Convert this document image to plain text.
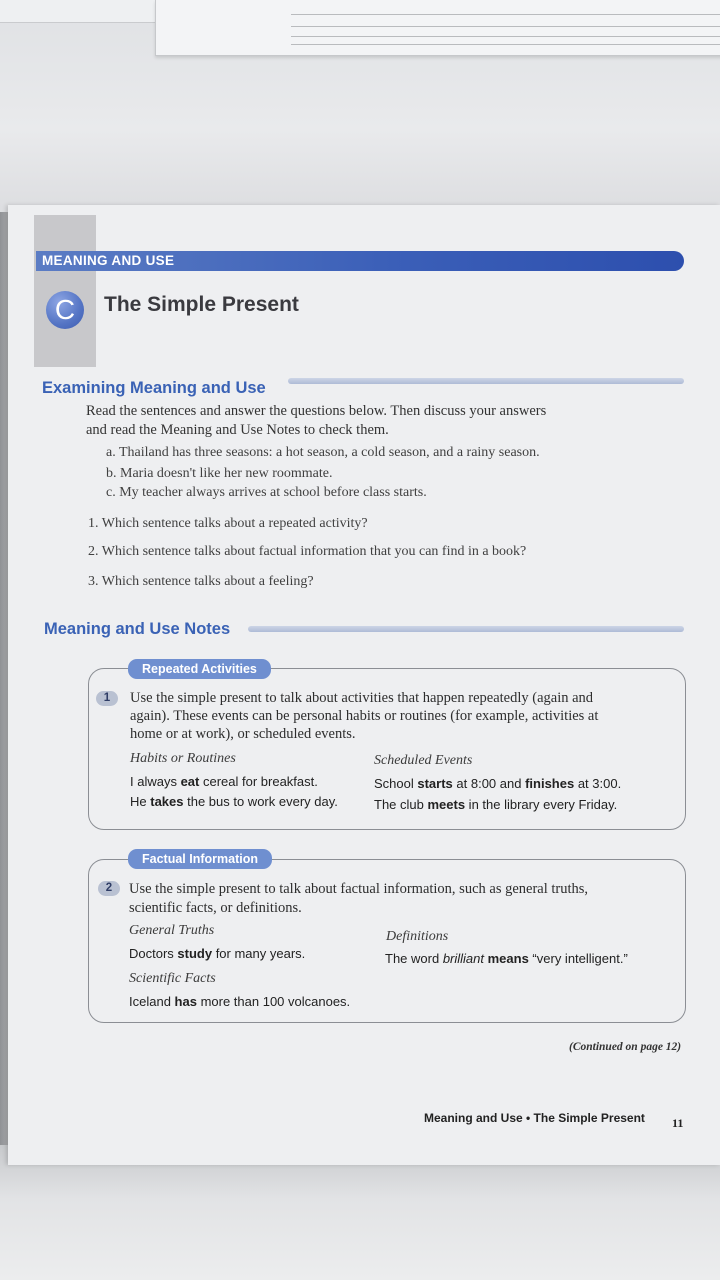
MEANING AND USE
C	The Simple Present
Examining Meaning and Use
Read the sentences and answer the questions below. Then discuss your answers
and read the Meaning and Use Notes to check them.
a. Thailand has three seasons: a hot season, a cold season, and a rainy season.
b. Maria doesn't like her new roommate.
c. My teacher always arrives at school before class starts.
1. Which sentence talks about a repeated activity?
2. Which sentence talks about factual information that you can find in a book?
3. Which sentence talks about a feeling?
Meaning and Use Notes
Repeated Activities
1	Use the simple present to talk about activities that happen repeatedly (again and
again). These events can be personal habits or routines (for example, activities at
home or at work), or scheduled events.
Habits or Routines	Scheduled Events
I always eat cereal for breakfast.
He takes the bus to work every day.
School starts at 8:00 and finishes at 3:00.
The club meets in the library every Friday.
Factual Information
2	Use the simple present to talk about factual information, such as general truths,
scientific facts, or definitions.
General Truths
Doctors study for many years.
Scientific Facts
Iceland has more than 100 volcanoes.
Definitions
The word brilliant means “very intelligent.”
(Continued on page 12)
Meaning and Use • The Simple Present 11
